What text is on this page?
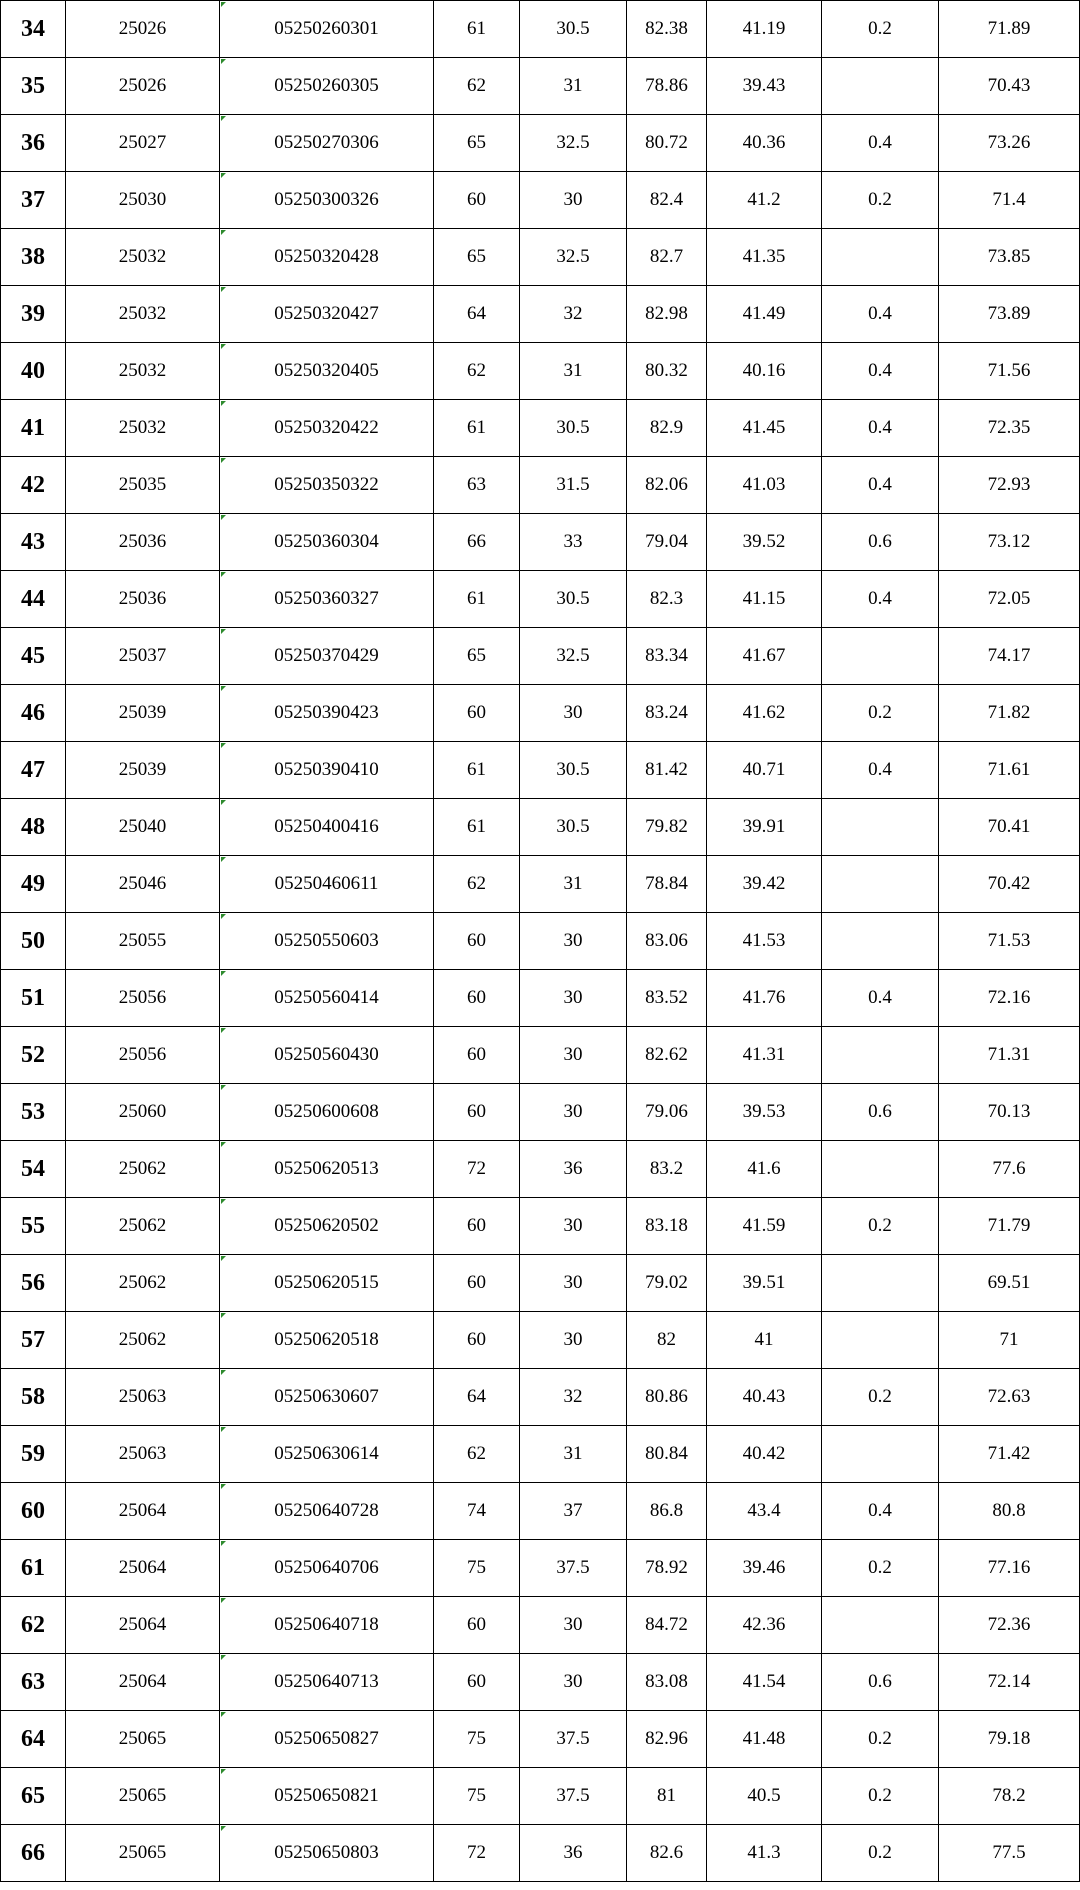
34	25026	05250260301	61	30.5	82.38	41.19	0.2	71.89
35	25026	05250260305	62	31	78.86	39.43		70.43
36	25027	05250270306	65	32.5	80.72	40.36	0.4	73.26
37	25030	05250300326	60	30	82.4	41.2	0.2	71.4
38	25032	05250320428	65	32.5	82.7	41.35		73.85
39	25032	05250320427	64	32	82.98	41.49	0.4	73.89
40	25032	05250320405	62	31	80.32	40.16	0.4	71.56
41	25032	05250320422	61	30.5	82.9	41.45	0.4	72.35
42	25035	05250350322	63	31.5	82.06	41.03	0.4	72.93
43	25036	05250360304	66	33	79.04	39.52	0.6	73.12
44	25036	05250360327	61	30.5	82.3	41.15	0.4	72.05
45	25037	05250370429	65	32.5	83.34	41.67		74.17
46	25039	05250390423	60	30	83.24	41.62	0.2	71.82
47	25039	05250390410	61	30.5	81.42	40.71	0.4	71.61
48	25040	05250400416	61	30.5	79.82	39.91		70.41
49	25046	05250460611	62	31	78.84	39.42		70.42
50	25055	05250550603	60	30	83.06	41.53		71.53
51	25056	05250560414	60	30	83.52	41.76	0.4	72.16
52	25056	05250560430	60	30	82.62	41.31		71.31
53	25060	05250600608	60	30	79.06	39.53	0.6	70.13
54	25062	05250620513	72	36	83.2	41.6		77.6
55	25062	05250620502	60	30	83.18	41.59	0.2	71.79
56	25062	05250620515	60	30	79.02	39.51		69.51
57	25062	05250620518	60	30	82	41		71
58	25063	05250630607	64	32	80.86	40.43	0.2	72.63
59	25063	05250630614	62	31	80.84	40.42		71.42
60	25064	05250640728	74	37	86.8	43.4	0.4	80.8
61	25064	05250640706	75	37.5	78.92	39.46	0.2	77.16
62	25064	05250640718	60	30	84.72	42.36		72.36
63	25064	05250640713	60	30	83.08	41.54	0.6	72.14
64	25065	05250650827	75	37.5	82.96	41.48	0.2	79.18
65	25065	05250650821	75	37.5	81	40.5	0.2	78.2
66	25065	05250650803	72	36	82.6	41.3	0.2	77.5
